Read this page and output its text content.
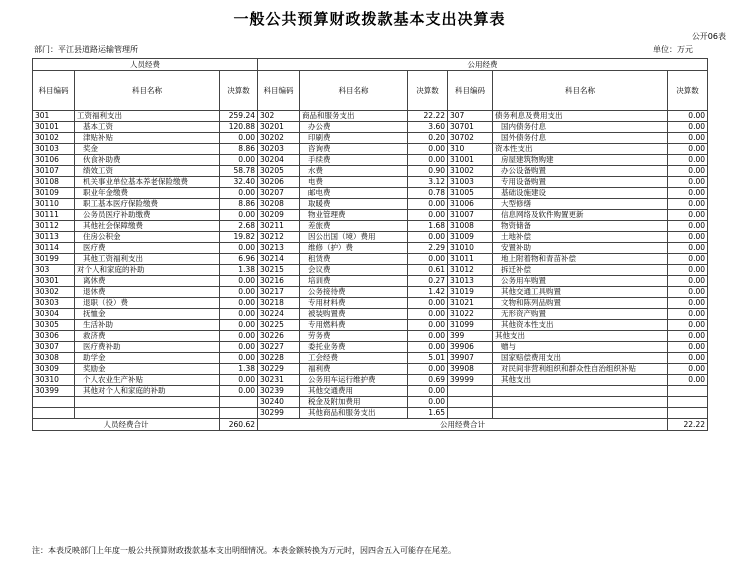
一般公共预算财政拨款基本支出决算表
公开06表
部门：平江县道路运输管理所	单位：万元
人员经费			公用经费					
科目编码	科目名称	决算数	科目编码	科目名称	决算数	科目编码	科目名称	决算数
301	工资福利支出	259.24	302	商品和服务支出	22.22	307	债务利息及费用支出	0.00
30101	基本工资	120.88	30201	办公费	3.60	30701	国内债务付息	0.00
30102	津贴补贴	0.00	30202	印刷费	0.20	30702	国外债务付息	0.00
30103	奖金	8.86	30203	咨询费	0.00	310	资本性支出	0.00
30106	伙食补助费	0.00	30204	手续费	0.00	31001	房屋建筑物购建	0.00
30107	绩效工资	58.78	30205	水费	0.90	31002	办公设备购置	0.00
30108	机关事业单位基本养老保险缴费	32.40	30206	电费	3.12	31003	专用设备购置	0.00
30109	职业年金缴费	0.00	30207	邮电费	0.78	31005	基础设施建设	0.00
30110	职工基本医疗保险缴费	8.86	30208	取暖费	0.00	31006	大型修缮	0.00
30111	公务员医疗补助缴费	0.00	30209	物业管理费	0.00	31007	信息网络及软件购置更新	0.00
30112	其他社会保障缴费	2.68	30211	差旅费	1.68	31008	物资储备	0.00
30113	住房公积金	19.82	30212	因公出国（境）费用	0.00	31009	土地补偿	0.00
30114	医疗费	0.00	30213	维修（护）费	2.29	31010	安置补助	0.00
30199	其他工资福利支出	6.96	30214	租赁费	0.00	31011	地上附着物和青苗补偿	0.00
303	对个人和家庭的补助	1.38	30215	会议费	0.61	31012	拆迁补偿	0.00
30301	离休费	0.00	30216	培训费	0.27	31013	公务用车购置	0.00
30302	退休费	0.00	30217	公务接待费	1.42	31019	其他交通工具购置	0.00
30303	退职（役）费	0.00	30218	专用材料费	0.00	31021	文物和陈列品购置	0.00
30304	抚恤金	0.00	30224	被装购置费	0.00	31022	无形资产购置	0.00
30305	生活补助	0.00	30225	专用燃料费	0.00	31099	其他资本性支出	0.00
30306	救济费	0.00	30226	劳务费	0.00	399	其他支出	0.00
30307	医疗费补助	0.00	30227	委托业务费	0.00	39906	赠与	0.00
30308	助学金	0.00	30228	工会经费	5.01	39907	国家赔偿费用支出	0.00
30309	奖励金	1.38	30229	福利费	0.00	39908	对民间非营利组织和群众性自治组织补贴	0.00
30310	个人农业生产补贴	0.00	30231	公务用车运行维护费	0.69	39999	其他支出	0.00
30399	其他对个人和家庭的补助	0.00	30239	其他交通费用	0.00			
			30240	税金及附加费用	0.00			
			30299	其他商品和服务支出	1.65			
人员经费合计		260.62	公用经费合计					22.22
注：本表反映部门上年度一般公共预算财政拨款基本支出明细情况。本表金额转换为万元时，因四舍五入可能存在尾差。
